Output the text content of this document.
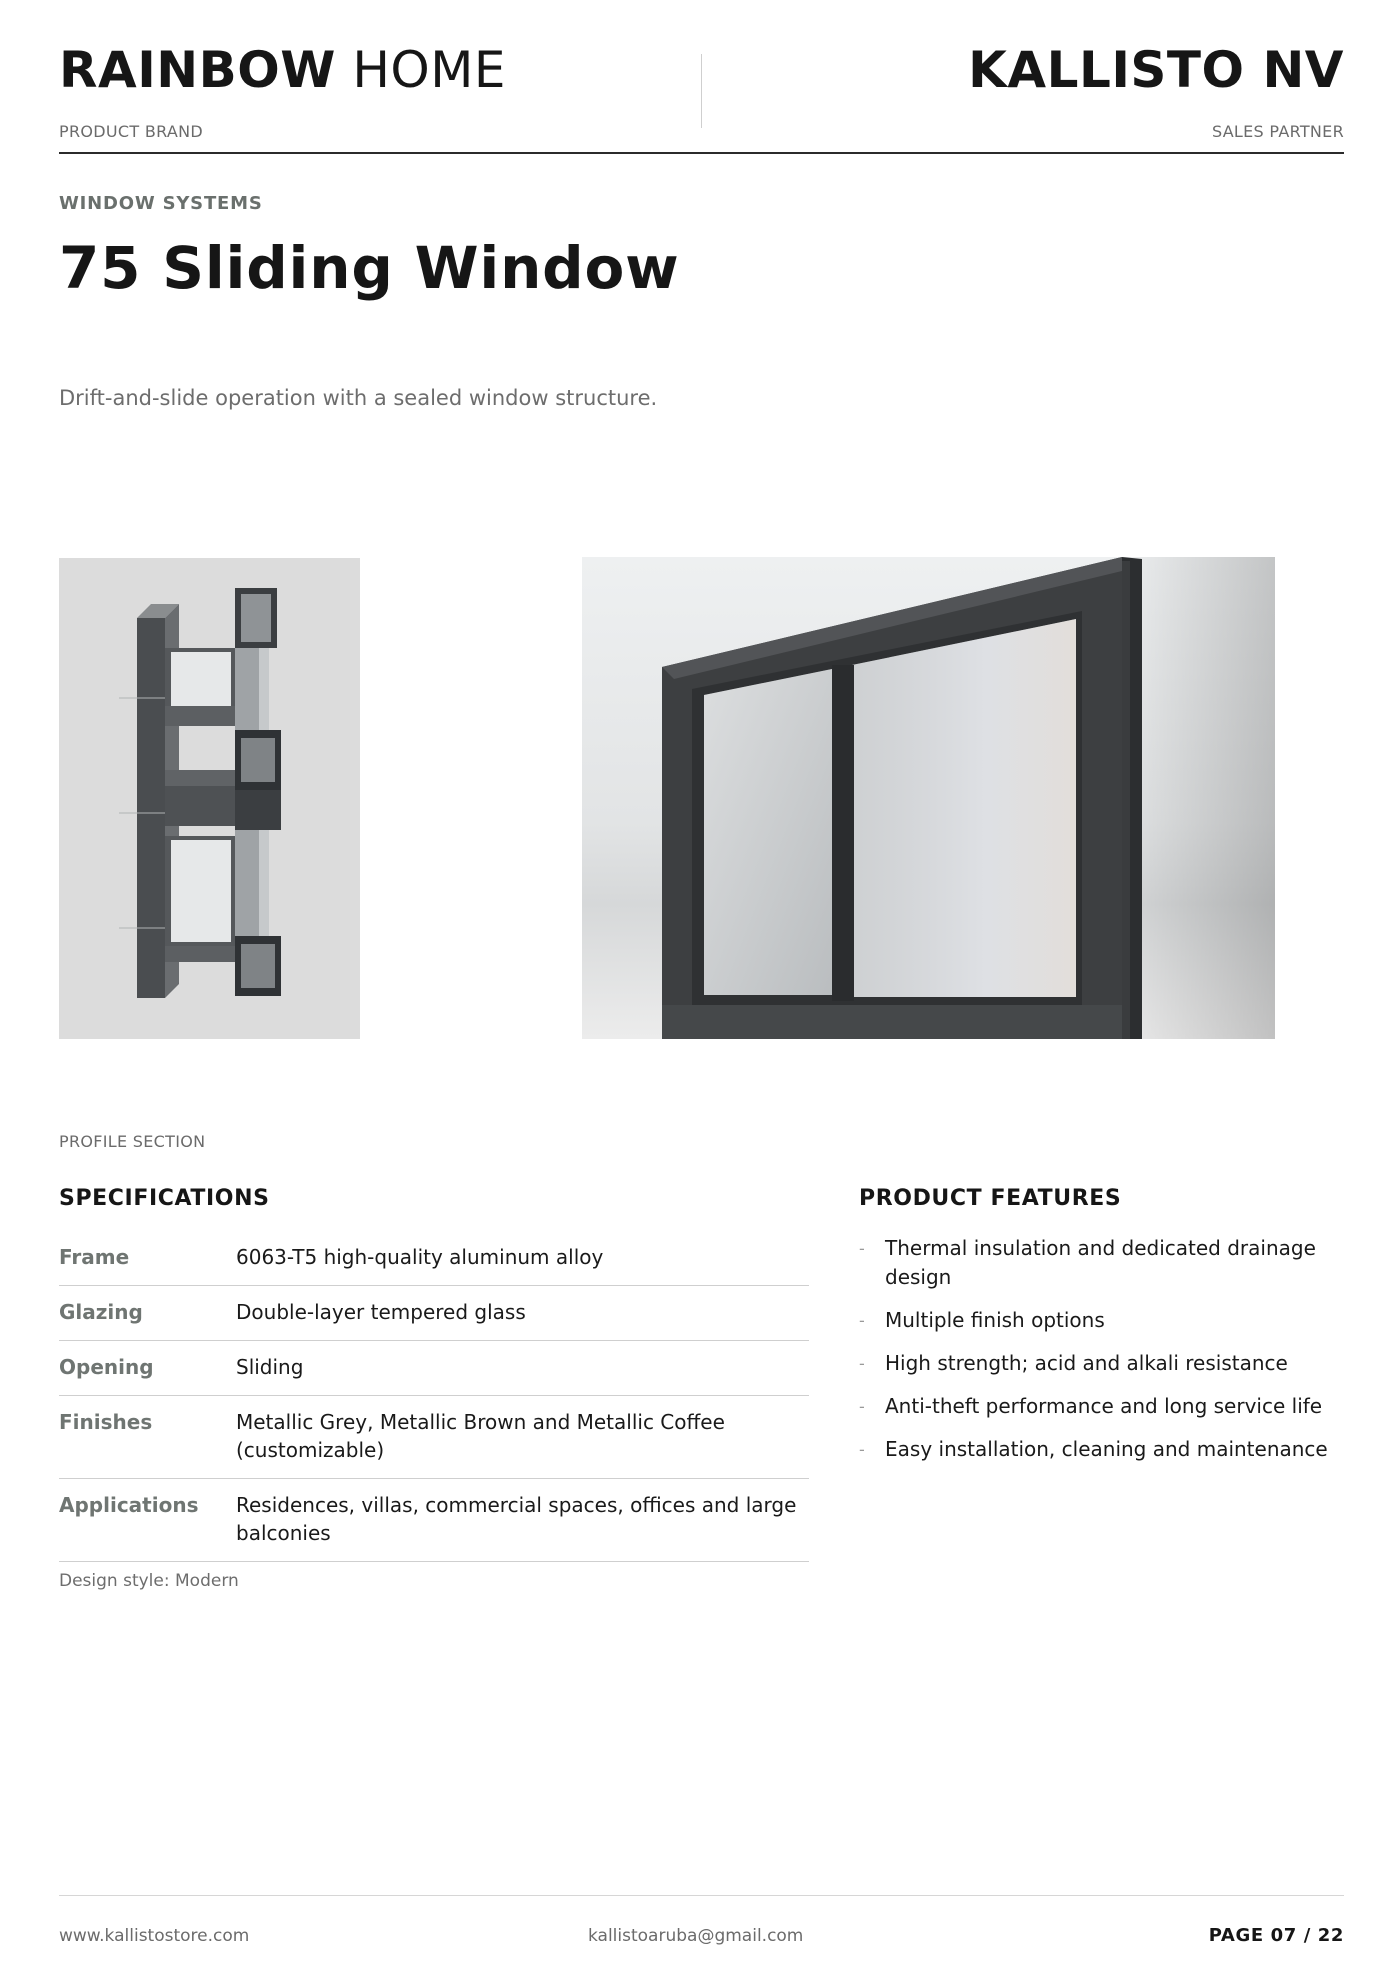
RAINBOW HOME
PRODUCT BRAND
KALLISTO NV
SALES PARTNER
WINDOW SYSTEMS
75 Sliding Window
Drift-and-slide operation with a sealed window structure.
PROFILE SECTION
SPECIFICATIONS
Frame	6063-T5 high-quality aluminum alloy
Glazing	Double-layer tempered glass
Opening	Sliding
Finishes	Metallic Grey, Metallic Brown and Metallic Coffee (customizable)
Applications	Residences, villas, commercial spaces, offices and large balconies
Design style: Modern
PRODUCT FEATURES
-	Thermal insulation and dedicated drainage design
-	Multiple finish options
-	High strength; acid and alkali resistance
-	Anti-theft performance and long service life
-	Easy installation, cleaning and maintenance
www.kallistostore.com	kallistoaruba@gmail.com	PAGE 07 / 22
